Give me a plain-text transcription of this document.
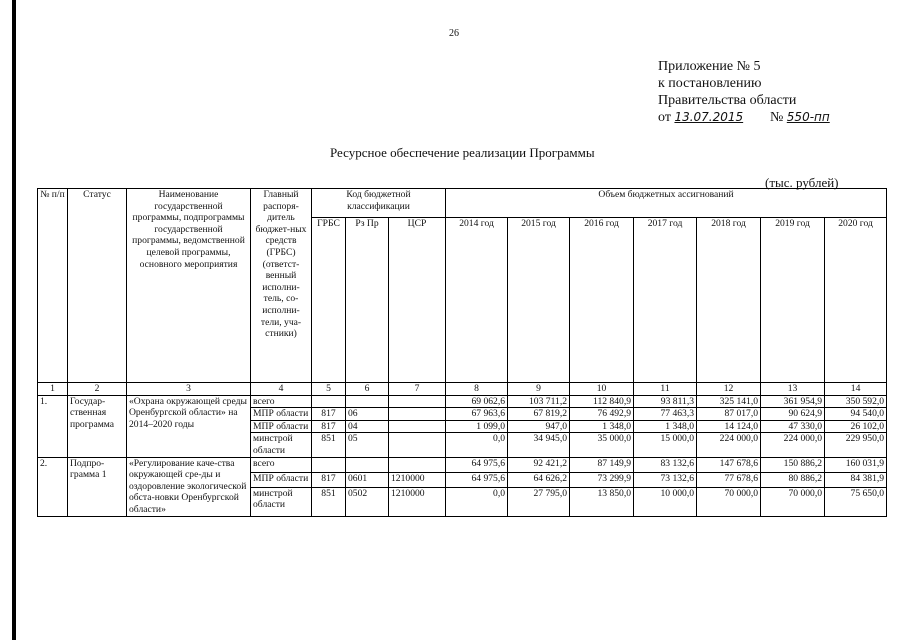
26
Приложение № 5
к постановлению
Правительства области
от 13.07.2015 № 550-пп
Ресурсное обеспечение реализации Программы
(тыс. рублей)
№ п/п	Статус	Наименование государственной программы, подпрограммы государственной программы, ведомственной целевой программы, основного мероприятия	Главный распоря-дитель бюджет-ных средств (ГРБС) (ответст-венный исполни-тель, со-исполни-тели, уча-стники)	Код бюджетной классификации			Объем бюджетных ассигнований						
				ГРБС	Рз Пр	ЦСР	2014 год	2015 год	2016 год	2017 год	2018 год	2019 год	2020 год
1	2	3	4	5	6	7	8	9	10	11	12	13	14
1.	Государ-ственная программа	«Охрана окружающей среды Оренбургской области» на 2014–2020 годы	всего				69 062,6	103 711,2	112 840,9	93 811,3	325 141,0	361 954,9	350 592,0
			МПР области	817	06		67 963,6	67 819,2	76 492,9	77 463,3	87 017,0	90 624,9	94 540,0
			МПР области	817	04		1 099,0	947,0	1 348,0	1 348,0	14 124,0	47 330,0	26 102,0
			минстрой области	851	05		0,0	34 945,0	35 000,0	15 000,0	224 000,0	224 000,0	229 950,0
2.	Подпро-грамма 1	«Регулирование каче-ства окружающей сре-ды и оздоровление экологической обста-новки Оренбургской области»	всего				64 975,6	92 421,2	87 149,9	83 132,6	147 678,6	150 886,2	160 031,9
			МПР области	817	0601	1210000	64 975,6	64 626,2	73 299,9	73 132,6	77 678,6	80 886,2	84 381,9
			минстрой области	851	0502	1210000	0,0	27 795,0	13 850,0	10 000,0	70 000,0	70 000,0	75 650,0
